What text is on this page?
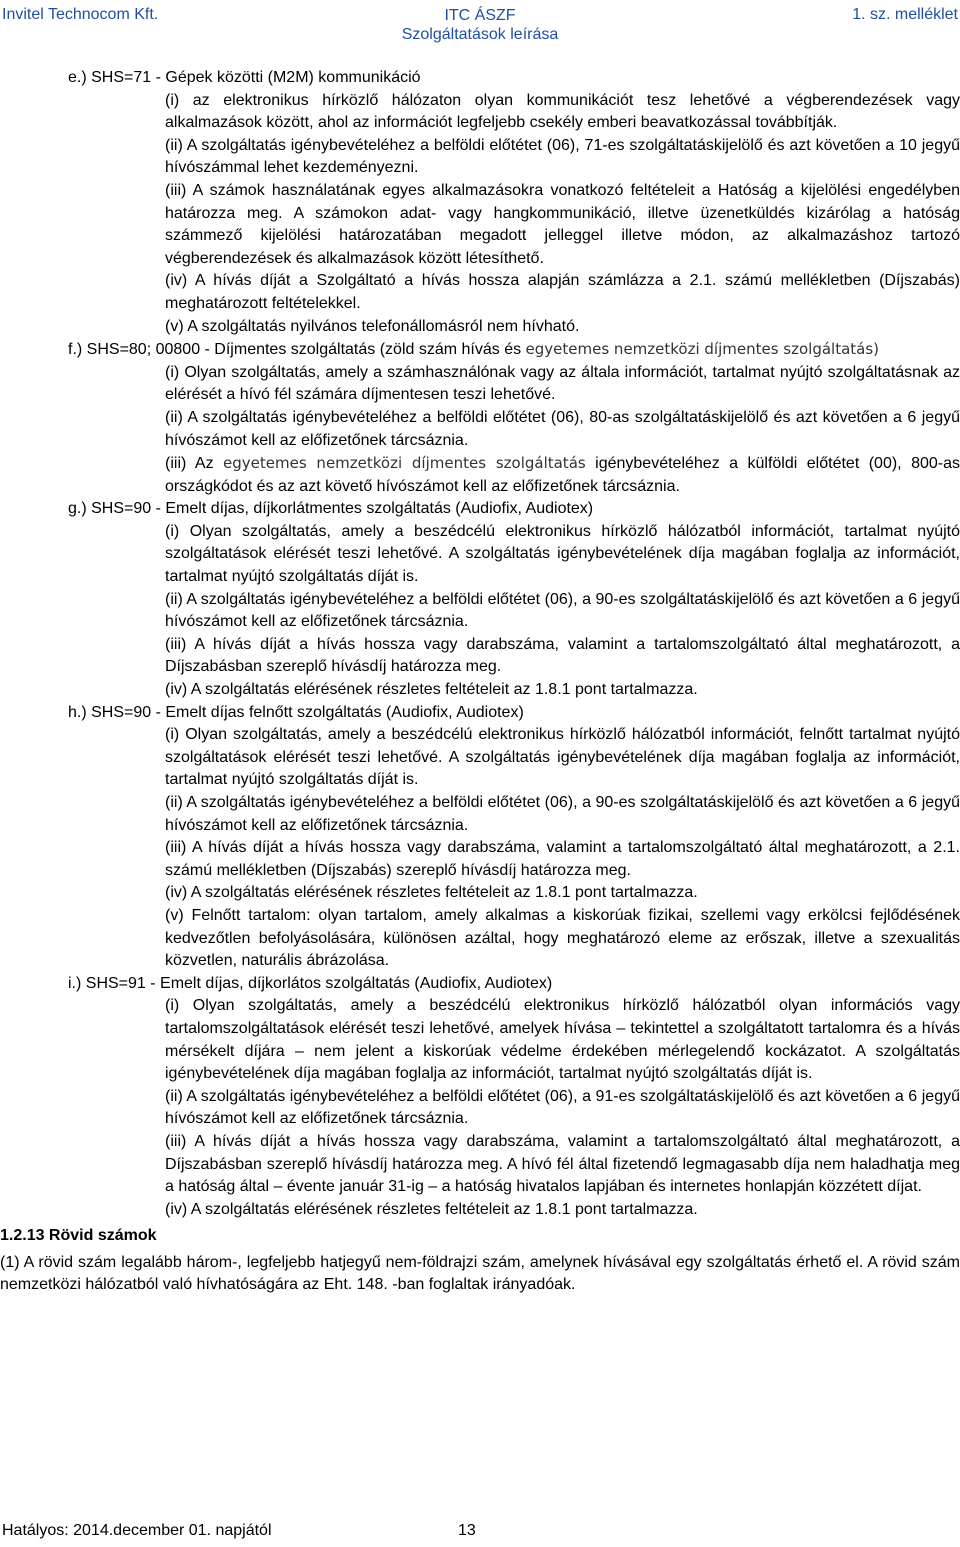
Invitel Technocom Kft.	ITC ÁSZF
Szolgáltatások leírása
1. sz. melléklet

e.) SHS=71 - Gépek közötti (M2M) kommunikáció

(i) az elektronikus hírközlő hálózaton olyan kommunikációt tesz lehetővé a végberendezések vagy alkalmazások között, ahol az információt legfeljebb csekély emberi beavatkozással továbbítják.

(ii) A szolgáltatás igénybevételéhez a belföldi előtétet (06), 71-es szolgáltatáskijelölő és azt követően a 10 jegyű hívószámmal lehet kezdeményezni.

(iii) A számok használatának egyes alkalmazásokra vonatkozó feltételeit a Hatóság a kijelölési engedélyben határozza meg. A számokon adat- vagy hangkommunikáció, illetve üzenetküldés kizárólag a hatóság számmező kijelölési határozatában megadott jelleggel illetve módon, az alkalmazáshoz tartozó végberendezések és alkalmazások között létesíthető.

(iv) A hívás díját a Szolgáltató a hívás hossza alapján számlázza a 2.1. számú mellékletben (Díjszabás) meghatározott feltételekkel.

(v) A szolgáltatás nyilvános telefonállomásról nem hívható.

f.) SHS=80; 00800 - Díjmentes szolgáltatás (zöld szám hívás és egyetemes nemzetközi díjmentes szolgáltatás)

(i) Olyan szolgáltatás, amely a számhasználónak vagy az általa információt, tartalmat nyújtó szolgáltatásnak az elérését a hívó fél számára díjmentesen teszi lehetővé.

(ii) A szolgáltatás igénybevételéhez a belföldi előtétet (06), 80-as szolgáltatáskijelölő és azt követően a 6 jegyű hívószámot kell az előfizetőnek tárcsáznia.

(iii) Az egyetemes nemzetközi díjmentes szolgáltatás igénybevételéhez a külföldi előtétet (00), 800-as országkódot és az azt követő hívószámot kell az előfizetőnek tárcsáznia.

g.) SHS=90 - Emelt díjas, díjkorlátmentes szolgáltatás (Audiofix, Audiotex)

(i) Olyan szolgáltatás, amely a beszédcélú elektronikus hírközlő hálózatból információt, tartalmat nyújtó szolgáltatások elérését teszi lehetővé. A szolgáltatás igénybevételének díja magában foglalja az információt, tartalmat nyújtó szolgáltatás díját is.

(ii) A szolgáltatás igénybevételéhez a belföldi előtétet (06), a 90-es szolgáltatáskijelölő és azt követően a 6 jegyű hívószámot kell az előfizetőnek tárcsáznia.

(iii) A hívás díját a hívás hossza vagy darabszáma, valamint a tartalomszolgáltató által meghatározott, a Díjszabásban szereplő hívásdíj határozza meg.

(iv) A szolgáltatás elérésének részletes feltételeit az 1.8.1 pont tartalmazza.

h.) SHS=90 - Emelt díjas felnőtt szolgáltatás (Audiofix, Audiotex)

(i) Olyan szolgáltatás, amely a beszédcélú elektronikus hírközlő hálózatból információt, felnőtt tartalmat nyújtó szolgáltatások elérését teszi lehetővé. A szolgáltatás igénybevételének díja magában foglalja az információt, tartalmat nyújtó szolgáltatás díját is.

(ii) A szolgáltatás igénybevételéhez a belföldi előtétet (06), a 90-es szolgáltatáskijelölő és azt követően a 6 jegyű hívószámot kell az előfizetőnek tárcsáznia.

(iii) A hívás díját a hívás hossza vagy darabszáma, valamint a tartalomszolgáltató által meghatározott, a 2.1. számú mellékletben (Díjszabás) szereplő hívásdíj határozza meg.

(iv) A szolgáltatás elérésének részletes feltételeit az 1.8.1 pont tartalmazza.

(v) Felnőtt tartalom: olyan tartalom, amely alkalmas a kiskorúak fizikai, szellemi vagy erkölcsi fejlődésének kedvezőtlen befolyásolására, különösen azáltal, hogy meghatározó eleme az erőszak, illetve a szexualitás közvetlen, naturális ábrázolása.

i.) SHS=91 - Emelt díjas, díjkorlátos szolgáltatás (Audiofix, Audiotex)

(i) Olyan szolgáltatás, amely a beszédcélú elektronikus hírközlő hálózatból olyan információs vagy tartalomszolgáltatások elérését teszi lehetővé, amelyek hívása – tekintettel a szolgáltatott tartalomra és a hívás mérsékelt díjára – nem jelent a kiskorúak védelme érdekében mérlegelendő kockázatot. A szolgáltatás igénybevételének díja magában foglalja az információt, tartalmat nyújtó szolgáltatás díját is.

(ii) A szolgáltatás igénybevételéhez a belföldi előtétet (06), a 91-es szolgáltatáskijelölő és azt követően a 6 jegyű hívószámot kell az előfizetőnek tárcsáznia.

(iii) A hívás díját a hívás hossza vagy darabszáma, valamint a tartalomszolgáltató által meghatározott, a Díjszabásban szereplő hívásdíj határozza meg. A hívó fél által fizetendő legmagasabb díja nem haladhatja meg a hatóság által – évente január 31-ig – a hatóság hivatalos lapjában és internetes honlapján közzétett díjat.

(iv) A szolgáltatás elérésének részletes feltételeit az 1.8.1 pont tartalmazza.

1.2.13 Rövid számok

(1) A rövid szám legalább három-, legfeljebb hatjegyű nem-földrajzi szám, amelynek hívásával egy szolgáltatás érhető el. A rövid szám nemzetközi hálózatból való hívhatóságára az Eht. 148. -ban foglaltak irányadóak.

Hatályos: 2014.december 01. napjától	13
